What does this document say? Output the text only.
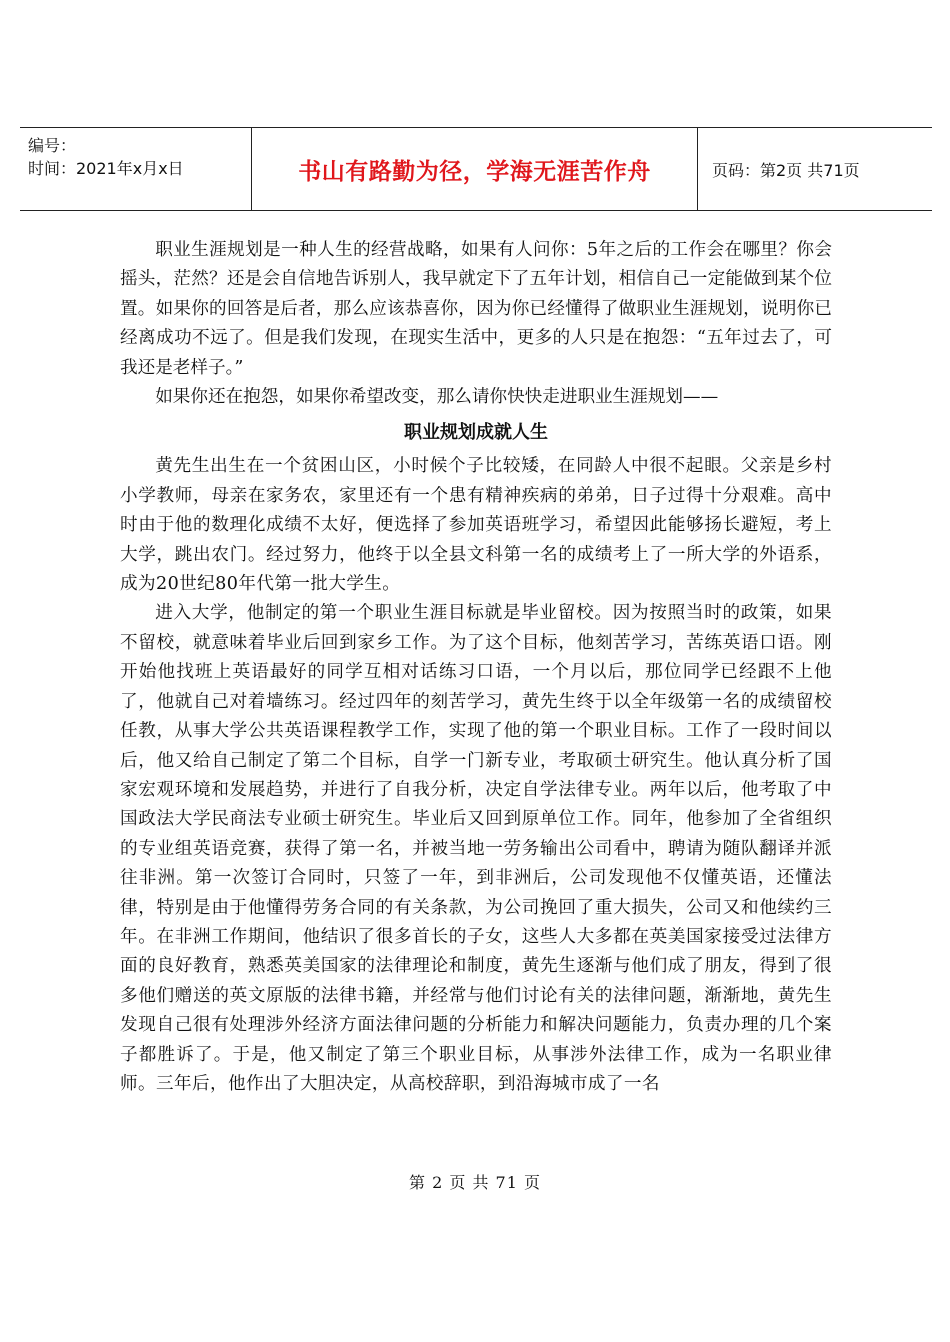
编号：
时间：2021年x月x日	书山有路勤为径，学海无涯苦作舟	页码：第2页 共71页

职业生涯规划是一种人生的经营战略，如果有人问你：5年之后的工作会在哪里？你会摇头，茫然？还是会自信地告诉别人，我早就定下了五年计划，相信自己一定能做到某个位置。如果你的回答是后者，那么应该恭喜你，因为你已经懂得了做职业生涯规划，说明你已经离成功不远了。但是我们发现，在现实生活中，更多的人只是在抱怨：“五年过去了，可我还是老样子。”

如果你还在抱怨，如果你希望改变，那么请你快快走进职业生涯规划——

职业规划成就人生

黄先生出生在一个贫困山区，小时候个子比较矮，在同龄人中很不起眼。父亲是乡村小学教师，母亲在家务农，家里还有一个患有精神疾病的弟弟，日子过得十分艰难。高中时由于他的数理化成绩不太好，便选择了参加英语班学习，希望因此能够扬长避短，考上大学，跳出农门。经过努力，他终于以全县文科第一名的成绩考上了一所大学的外语系，成为20世纪80年代第一批大学生。

进入大学，他制定的第一个职业生涯目标就是毕业留校。因为按照当时的政策，如果不留校，就意味着毕业后回到家乡工作。为了这个目标，他刻苦学习，苦练英语口语。刚开始他找班上英语最好的同学互相对话练习口语，一个月以后，那位同学已经跟不上他了，他就自己对着墙练习。经过四年的刻苦学习，黄先生终于以全年级第一名的成绩留校任教，从事大学公共英语课程教学工作，实现了他的第一个职业目标。工作了一段时间以后，他又给自己制定了第二个目标，自学一门新专业，考取硕士研究生。他认真分析了国家宏观环境和发展趋势，并进行了自我分析，决定自学法律专业。两年以后，他考取了中国政法大学民商法专业硕士研究生。毕业后又回到原单位工作。同年，他参加了全省组织的专业组英语竞赛，获得了第一名，并被当地一劳务输出公司看中，聘请为随队翻译并派往非洲。第一次签订合同时，只签了一年，到非洲后，公司发现他不仅懂英语，还懂法律，特别是由于他懂得劳务合同的有关条款，为公司挽回了重大损失，公司又和他续约三年。在非洲工作期间，他结识了很多首长的子女，这些人大多都在英美国家接受过法律方面的良好教育，熟悉英美国家的法律理论和制度，黄先生逐渐与他们成了朋友，得到了很多他们赠送的英文原版的法律书籍，并经常与他们讨论有关的法律问题，渐渐地，黄先生发现自己很有处理涉外经济方面法律问题的分析能力和解决问题能力，负责办理的几个案子都胜诉了。于是，他又制定了第三个职业目标，从事涉外法律工作，成为一名职业律师。三年后，他作出了大胆决定，从高校辞职，到沿海城市成了一名

第 2 页 共 71 页
